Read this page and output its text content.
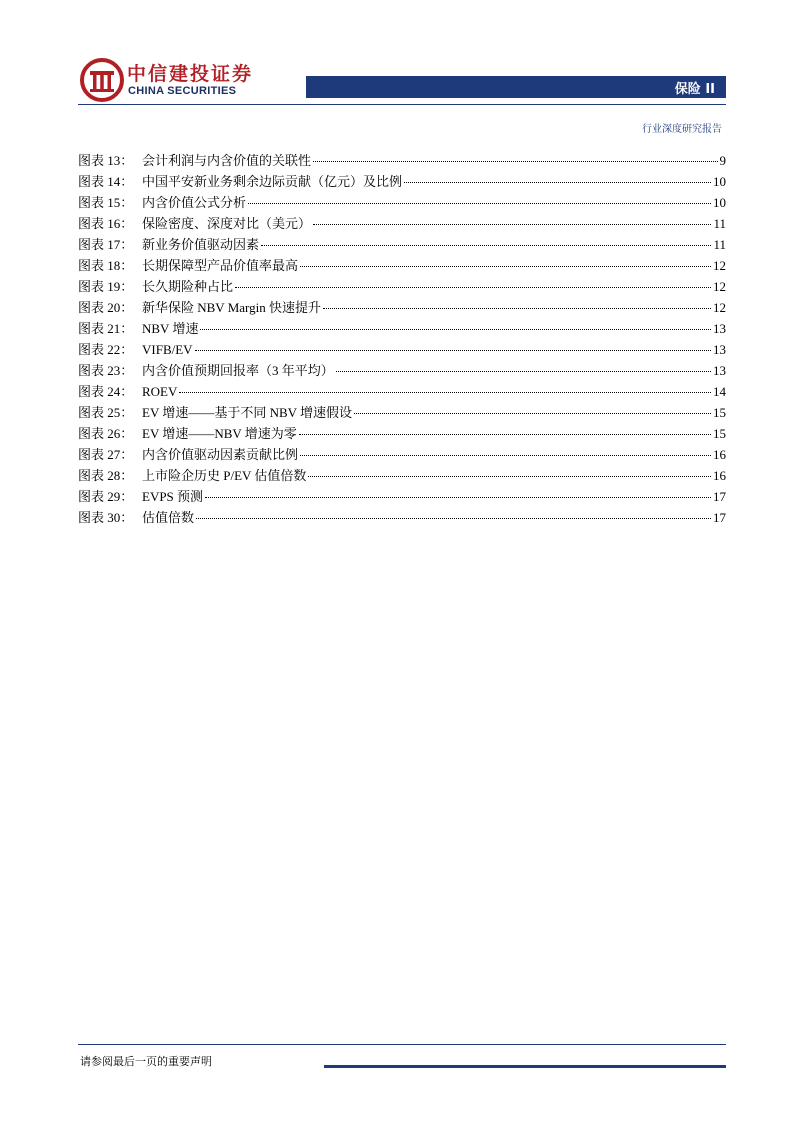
中信建投证券
CHINA SECURITIES	保险 II
行业深度研究报告
图表 13： 会计利润与内含价值的关联性	9
图表 14： 中国平安新业务剩余边际贡献（亿元）及比例	10
图表 15： 内含价值公式分析	10
图表 16： 保险密度、深度对比（美元）	11
图表 17： 新业务价值驱动因素	11
图表 18： 长期保障型产品价值率最高	12
图表 19： 长久期险种占比	12
图表 20： 新华保险 NBV Margin 快速提升	12
图表 21： NBV 增速	13
图表 22： VIFB/EV	13
图表 23： 内含价值预期回报率（3 年平均）	13
图表 24： ROEV	14
图表 25： EV 增速——基于不同 NBV 增速假设	15
图表 26： EV 增速——NBV 增速为零	15
图表 27： 内含价值驱动因素贡献比例	16
图表 28： 上市险企历史 P/EV 估值倍数	16
图表 29： EVPS 预测	17
图表 30： 估值倍数	17
请参阅最后一页的重要声明
